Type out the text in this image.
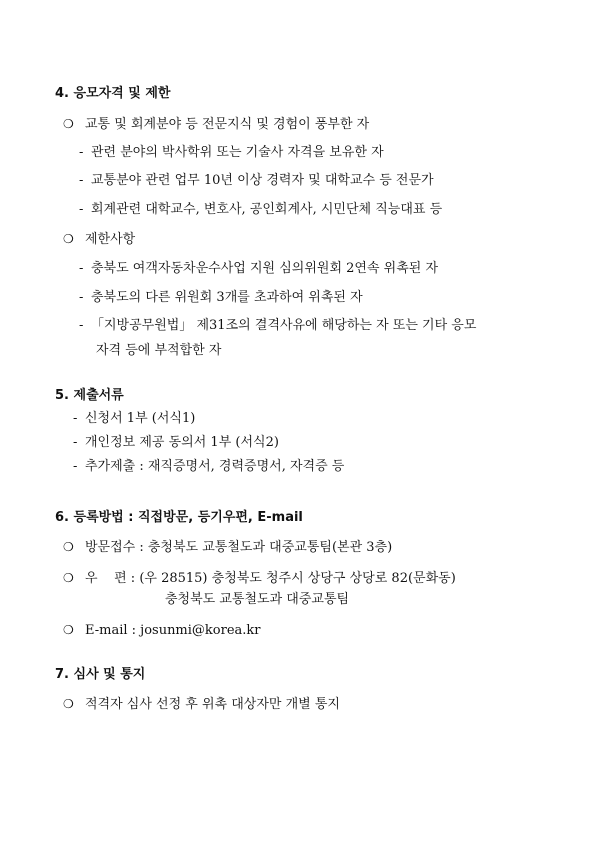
4. 응모자격 및 제한
❍ 교통 및 회계분야 등 전문지식 및 경험이 풍부한 자
- 관련 분야의 박사학위 또는 기술사 자격을 보유한 자
- 교통분야 관련 업무 10년 이상 경력자 및 대학교수 등 전문가
- 회계관련 대학교수, 변호사, 공인회계사, 시민단체 직능대표 등
❍ 제한사항
- 충북도 여객자동차운수사업 지원 심의위원회 2연속 위촉된 자
- 충북도의 다른 위원회 3개를 초과하여 위촉된 자
- 「지방공무원법」 제31조의 결격사유에 해당하는 자 또는 기타 응모
자격 등에 부적합한 자
5. 제출서류
- 신청서 1부 (서식1)
- 개인정보 제공 동의서 1부 (서식2)
- 추가제출 : 재직증명서, 경력증명서, 자격증 등
6. 등록방법 : 직접방문, 등기우편, E-mail
❍ 방문접수 : 충청북도 교통철도과 대중교통팀(본관 3층)
❍ 우    편 : (우 28515) 충청북도 청주시 상당구 상당로 82(문화동)
충청북도 교통철도과 대중교통팀
❍ E-mail : josunmi@korea.kr
7. 심사 및 통지
❍ 적격자 심사 선정 후 위촉 대상자만 개별 통지
